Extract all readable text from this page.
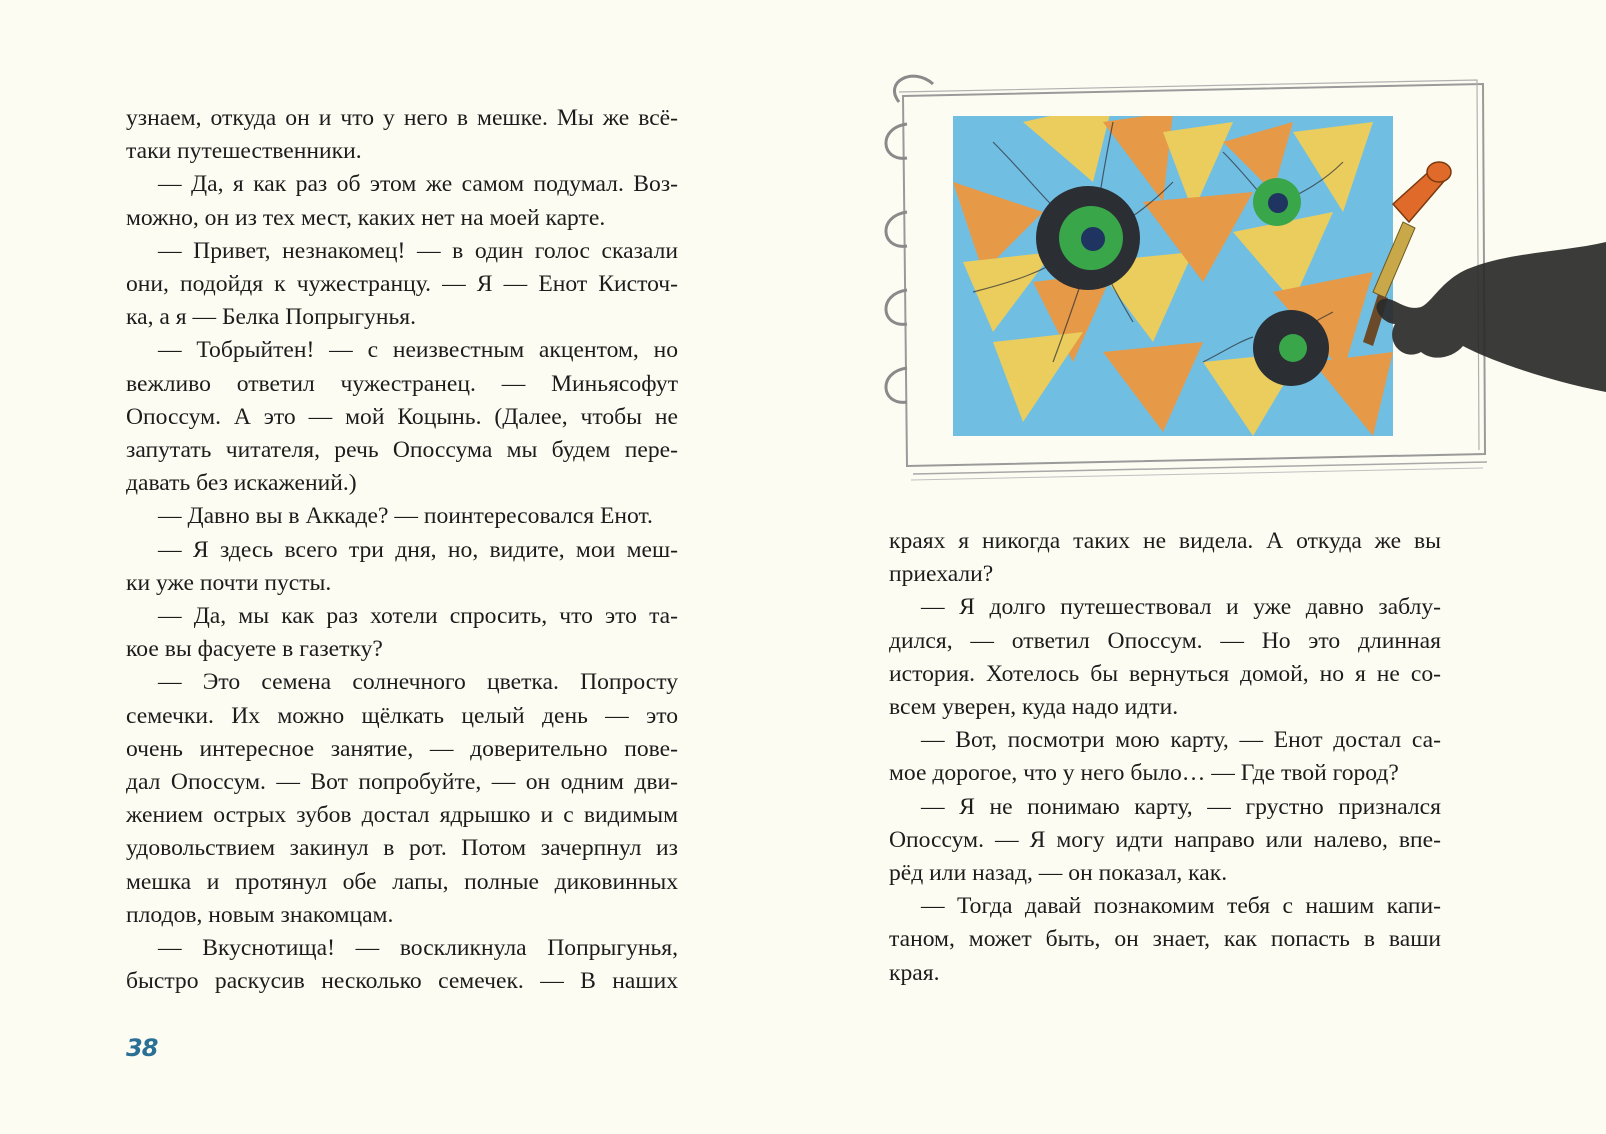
узнаем, откуда он и что у него в мешке. Мы же всё-
таки путешественники.
— Да, я как раз об этом же самом подумал. Воз-
можно, он из тех мест, каких нет на моей карте.
— Привет, незнакомец! — в один голос сказали
они, подойдя к чужестранцу. — Я — Енот Кисточ-
ка, а я — Белка Попрыгунья.
— Тобрыйтен! — с неизвестным акцентом, но
вежливо ответил чужестранец. — Миньясофут
Опоссум. А это — мой Коцынь. (Далее, чтобы не
запутать читателя, речь Опоссума мы будем пере-
давать без искажений.)
— Давно вы в Аккаде? — поинтересовался Енот.
— Я здесь всего три дня, но, видите, мои меш-
ки уже почти пусты.
— Да, мы как раз хотели спросить, что это та-
кое вы фасуете в газетку?
— Это семена солнечного цветка. Попросту
семечки. Их можно щёлкать целый день — это
очень интересное занятие, — доверительно пове-
дал Опоссум. — Вот попробуйте, — он одним дви-
жением острых зубов достал ядрышко и с видимым
удовольствием закинул в рот. Потом зачерпнул из
мешка и протянул обе лапы, полные диковинных
плодов, новым знакомцам.
— Вкуснотища! — воскликнула Попрыгунья,
быстро раскусив несколько семечек. — В наших
38
краях я никогда таких не видела. А откуда же вы
приехали?
— Я долго путешествовал и уже давно заблу-
дился, — ответил Опоссум. — Но это длинная
история. Хотелось бы вернуться домой, но я не со-
всем уверен, куда надо идти.
— Вот, посмотри мою карту, — Енот достал са-
мое дорогое, что у него было… — Где твой город?
— Я не понимаю карту, — грустно признался
Опоссум. — Я могу идти направо или налево, впе-
рёд или назад, — он показал, как.
— Тогда давай познакомим тебя с нашим капи-
таном, может быть, он знает, как попасть в ваши
края.
